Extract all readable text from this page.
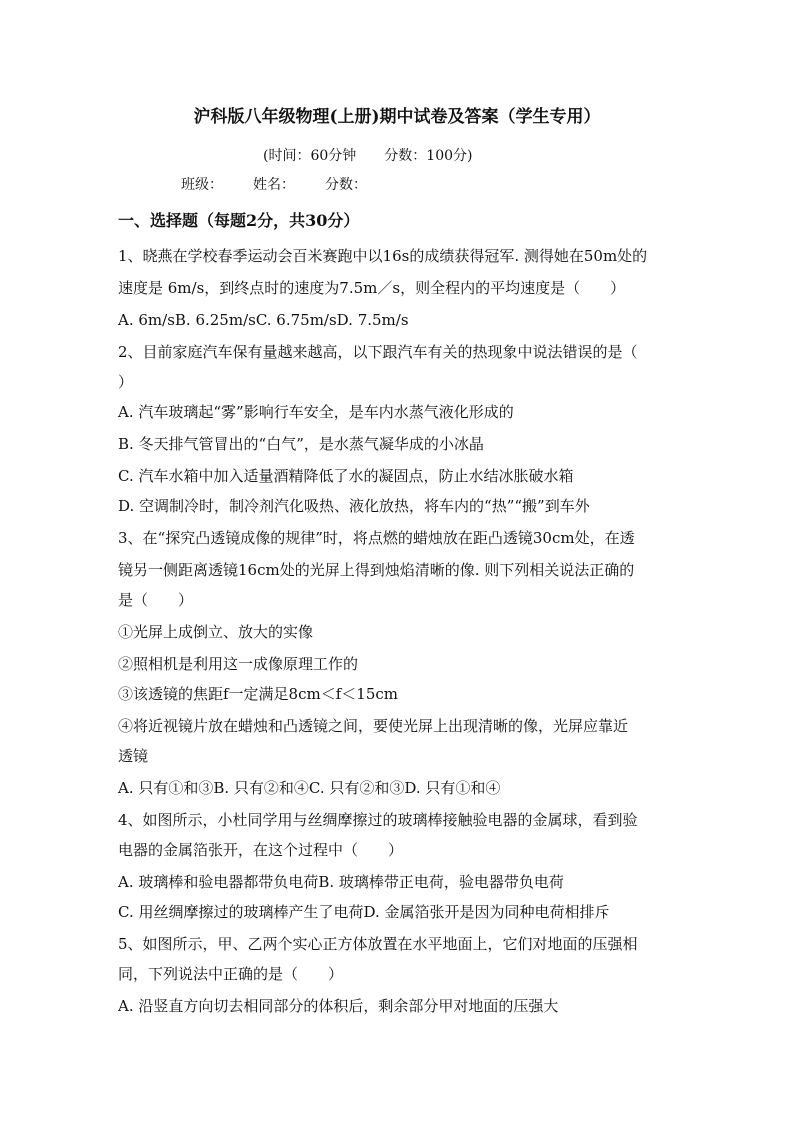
沪科版八年级物理(上册)期中试卷及答案（学生专用）
(时间：60分钟 分数：100分)
班级： 姓名： 分数：
一、选择题（每题2分，共30分）
1、晓燕在学校春季运动会百米赛跑中以16s的成绩获得冠军. 测得她在50m处的
速度是 6m/s，到终点时的速度为7.5m／s，则全程内的平均速度是（　　）
A. 6m/sB. 6.25m/sC. 6.75m/sD. 7.5m/s
2、目前家庭汽车保有量越来越高，以下跟汽车有关的热现象中说法错误的是（
）
A. 汽车玻璃起“雾”影响行车安全，是车内水蒸气液化形成的
B. 冬天排气管冒出的“白气”，是水蒸气凝华成的小冰晶
C. 汽车水箱中加入适量酒精降低了水的凝固点，防止水结冰胀破水箱
D. 空调制冷时，制冷剂汽化吸热、液化放热，将车内的“热”“搬”到车外
3、在“探究凸透镜成像的规律”时，将点燃的蜡烛放在距凸透镜30cm处，在透
镜另一侧距离透镜16cm处的光屏上得到烛焰清晰的像. 则下列相关说法正确的
是（　　）
①光屏上成倒立、放大的实像
②照相机是利用这一成像原理工作的
③该透镜的焦距f一定满足8cm＜f＜15cm
④将近视镜片放在蜡烛和凸透镜之间，要使光屏上出现清晰的像，光屏应靠近
透镜
A. 只有①和③B. 只有②和④C. 只有②和③D. 只有①和④
4、如图所示，小杜同学用与丝绸摩擦过的玻璃棒接触验电器的金属球，看到验
电器的金属箔张开，在这个过程中（　　）
A. 玻璃棒和验电器都带负电荷B. 玻璃棒带正电荷，验电器带负电荷
C. 用丝绸摩擦过的玻璃棒产生了电荷D. 金属箔张开是因为同种电荷相排斥
5、如图所示，甲、乙两个实心正方体放置在水平地面上，它们对地面的压强相
同，下列说法中正确的是（　　）
A. 沿竖直方向切去相同部分的体积后，剩余部分甲对地面的压强大
